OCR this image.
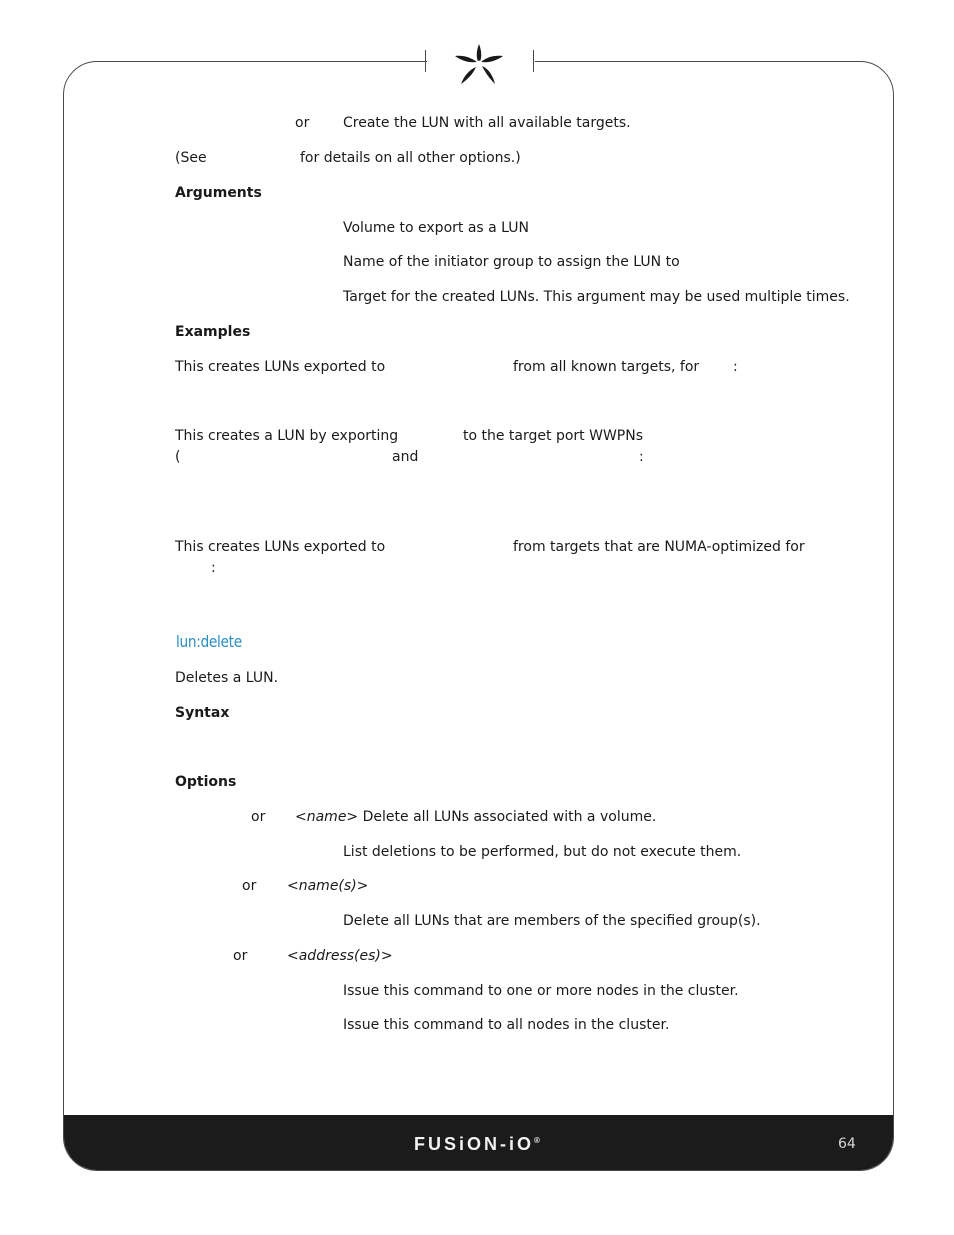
FUSiON-iO®	64
or Create the LUN with all available targets.
(See	for details on all other options.)
Arguments
Volume to export as a LUN
Name of the initiator group to assign the LUN to
Target for the created LUNs. This argument may be used multiple times.
Examples
This creates LUNs exported to	from all known targets, for :
This creates a LUN by exporting	to the target port WWPNs
(	and	:
This creates LUNs exported to	from targets that are NUMA-optimized for
:
lun:delete
Deletes a LUN.
Syntax
Options
or <name> Delete all LUNs associated with a volume.
List deletions to be performed, but do not execute them.
or <name(s)>
Delete all LUNs that are members of the specified group(s).
or	<address(es)>
Issue this command to one or more nodes in the cluster.
Issue this command to all nodes in the cluster.
